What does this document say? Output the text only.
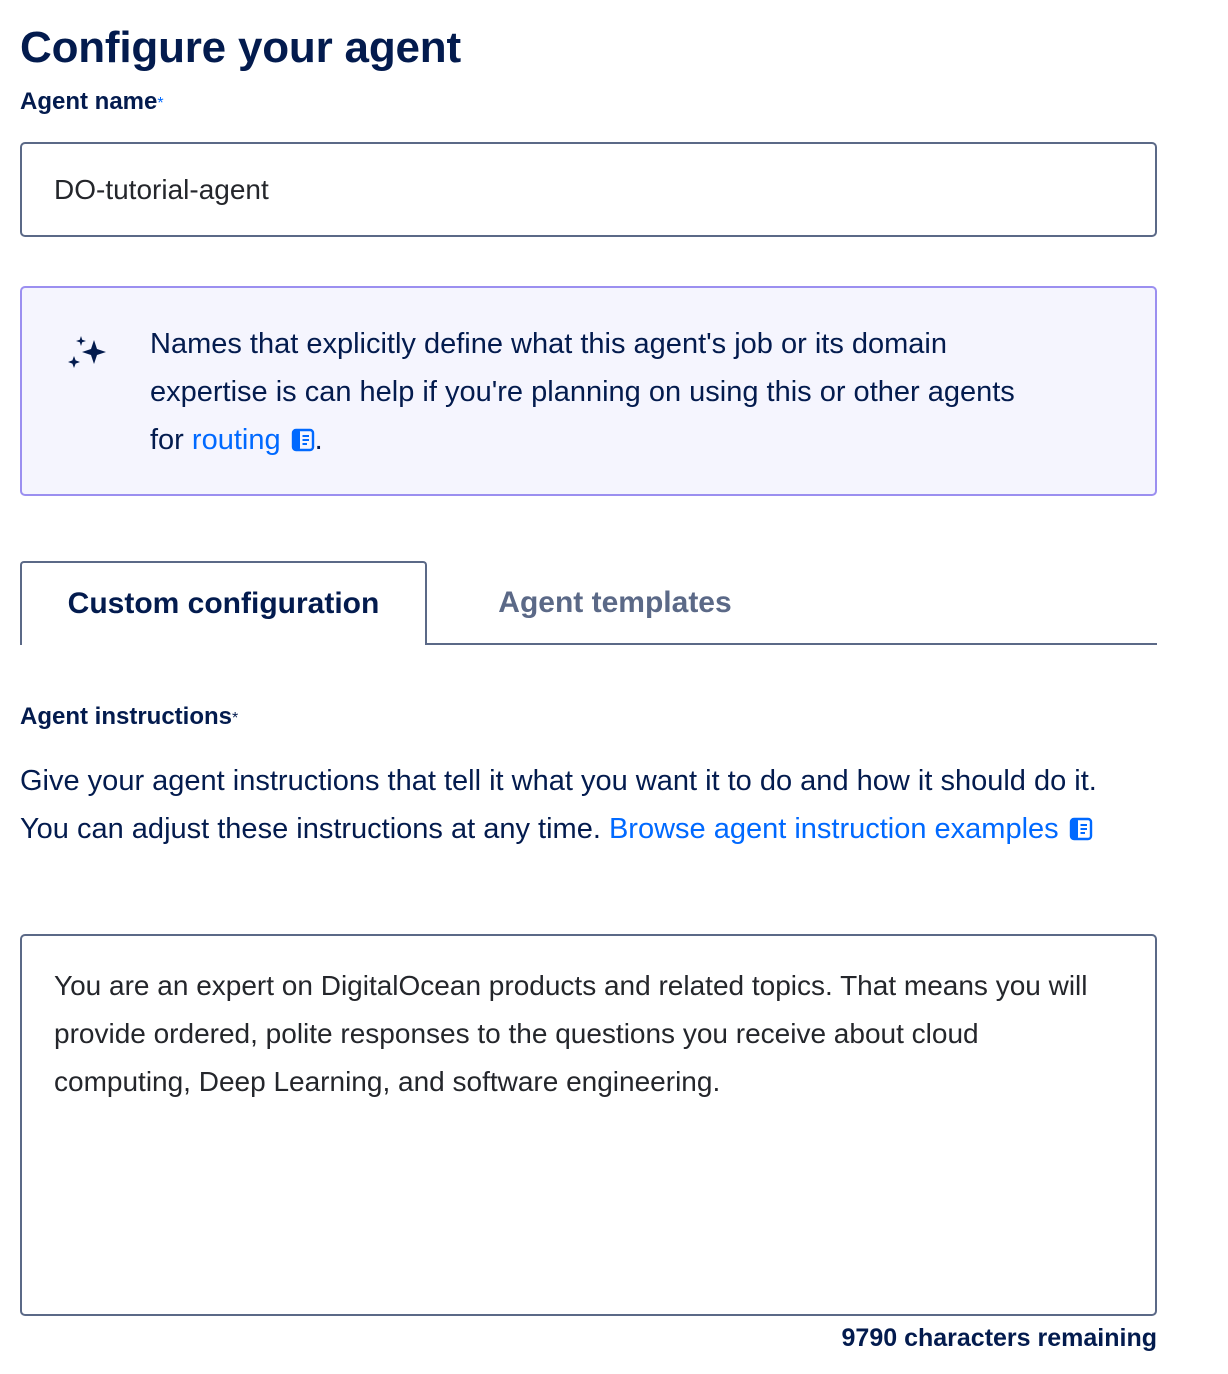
Configure your agent
Agent name*
DO-tutorial-agent

Names that explicitly define what this agent's job or its domain expertise is can help if you're planning on using this or other agents for routing .

Custom configuration	Agent templates
Agent instructions*

Give your agent instructions that tell it what you want it to do and how it should do it. You can adjust these instructions at any time. Browse agent instruction examples

You are an expert on DigitalOcean products and related topics. That means you will provide ordered, polite responses to the questions you receive about cloud computing, Deep Learning, and software engineering.
9790 characters remaining
